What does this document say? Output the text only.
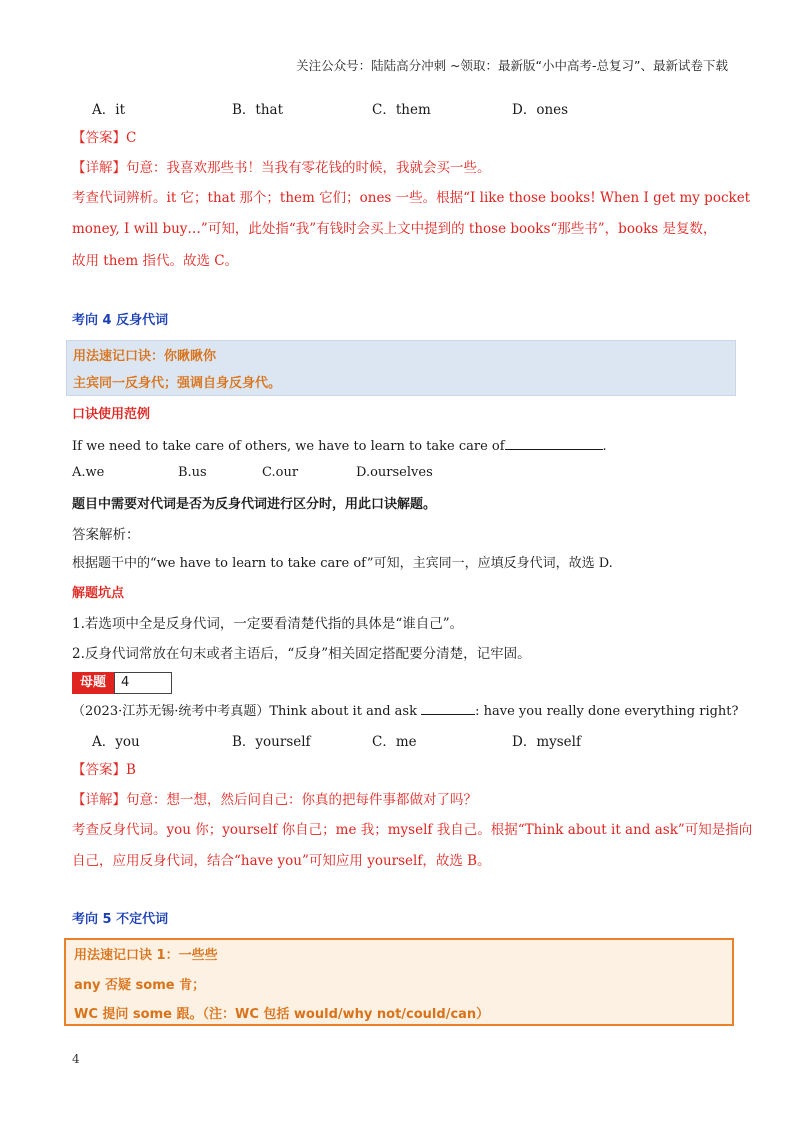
关注公众号：陆陆高分冲刺 ~领取：最新版“小中高考-总复习”、最新试卷下载
A．it	B．that	C．them	D．ones
【答案】C
【详解】句意：我喜欢那些书！当我有零花钱的时候，我就会买一些。
考查代词辨析。it 它；that 那个；them 它们；ones 一些。根据“I like those books! When I get my pocket
money, I will buy…”可知，此处指“我”有钱时会买上文中提到的 those books“那些书”，books 是复数，
故用 them 指代。故选 C。
考向 4 反身代词
用法速记口诀：你瞅瞅你
主宾同一反身代；强调自身反身代。
口诀使用范例
If we need to take care of others, we have to learn to take care of	.
A.we	B.us	C.our	D.ourselves
题目中需要对代词是否为反身代词进行区分时，用此口诀解题。
答案解析：
根据题干中的“we have to learn to take care of”可知，主宾同一，应填反身代词，故选 D.
解题坑点
1.若选项中全是反身代词，一定要看清楚代指的具体是“谁自己”。
2.反身代词常放在句末或者主语后，“反身”相关固定搭配要分清楚，记牢固。
母题	4
（2023·江苏无锡·统考中考真题）Think about it and ask	: have you really done everything right?
A．you	B．yourself	C．me	D．myself
【答案】B
【详解】句意：想一想，然后问自己：你真的把每件事都做对了吗？
考查反身代词。you 你；yourself 你自己；me 我；myself 我自己。根据“Think about it and ask”可知是指向
自己，应用反身代词，结合“have you”可知应用 yourself，故选 B。
考向 5 不定代词
用法速记口诀 1：一些些
any 否疑 some 肯；
WC 提问 some 跟。（注：WC 包括 would/why not/could/can）
4
